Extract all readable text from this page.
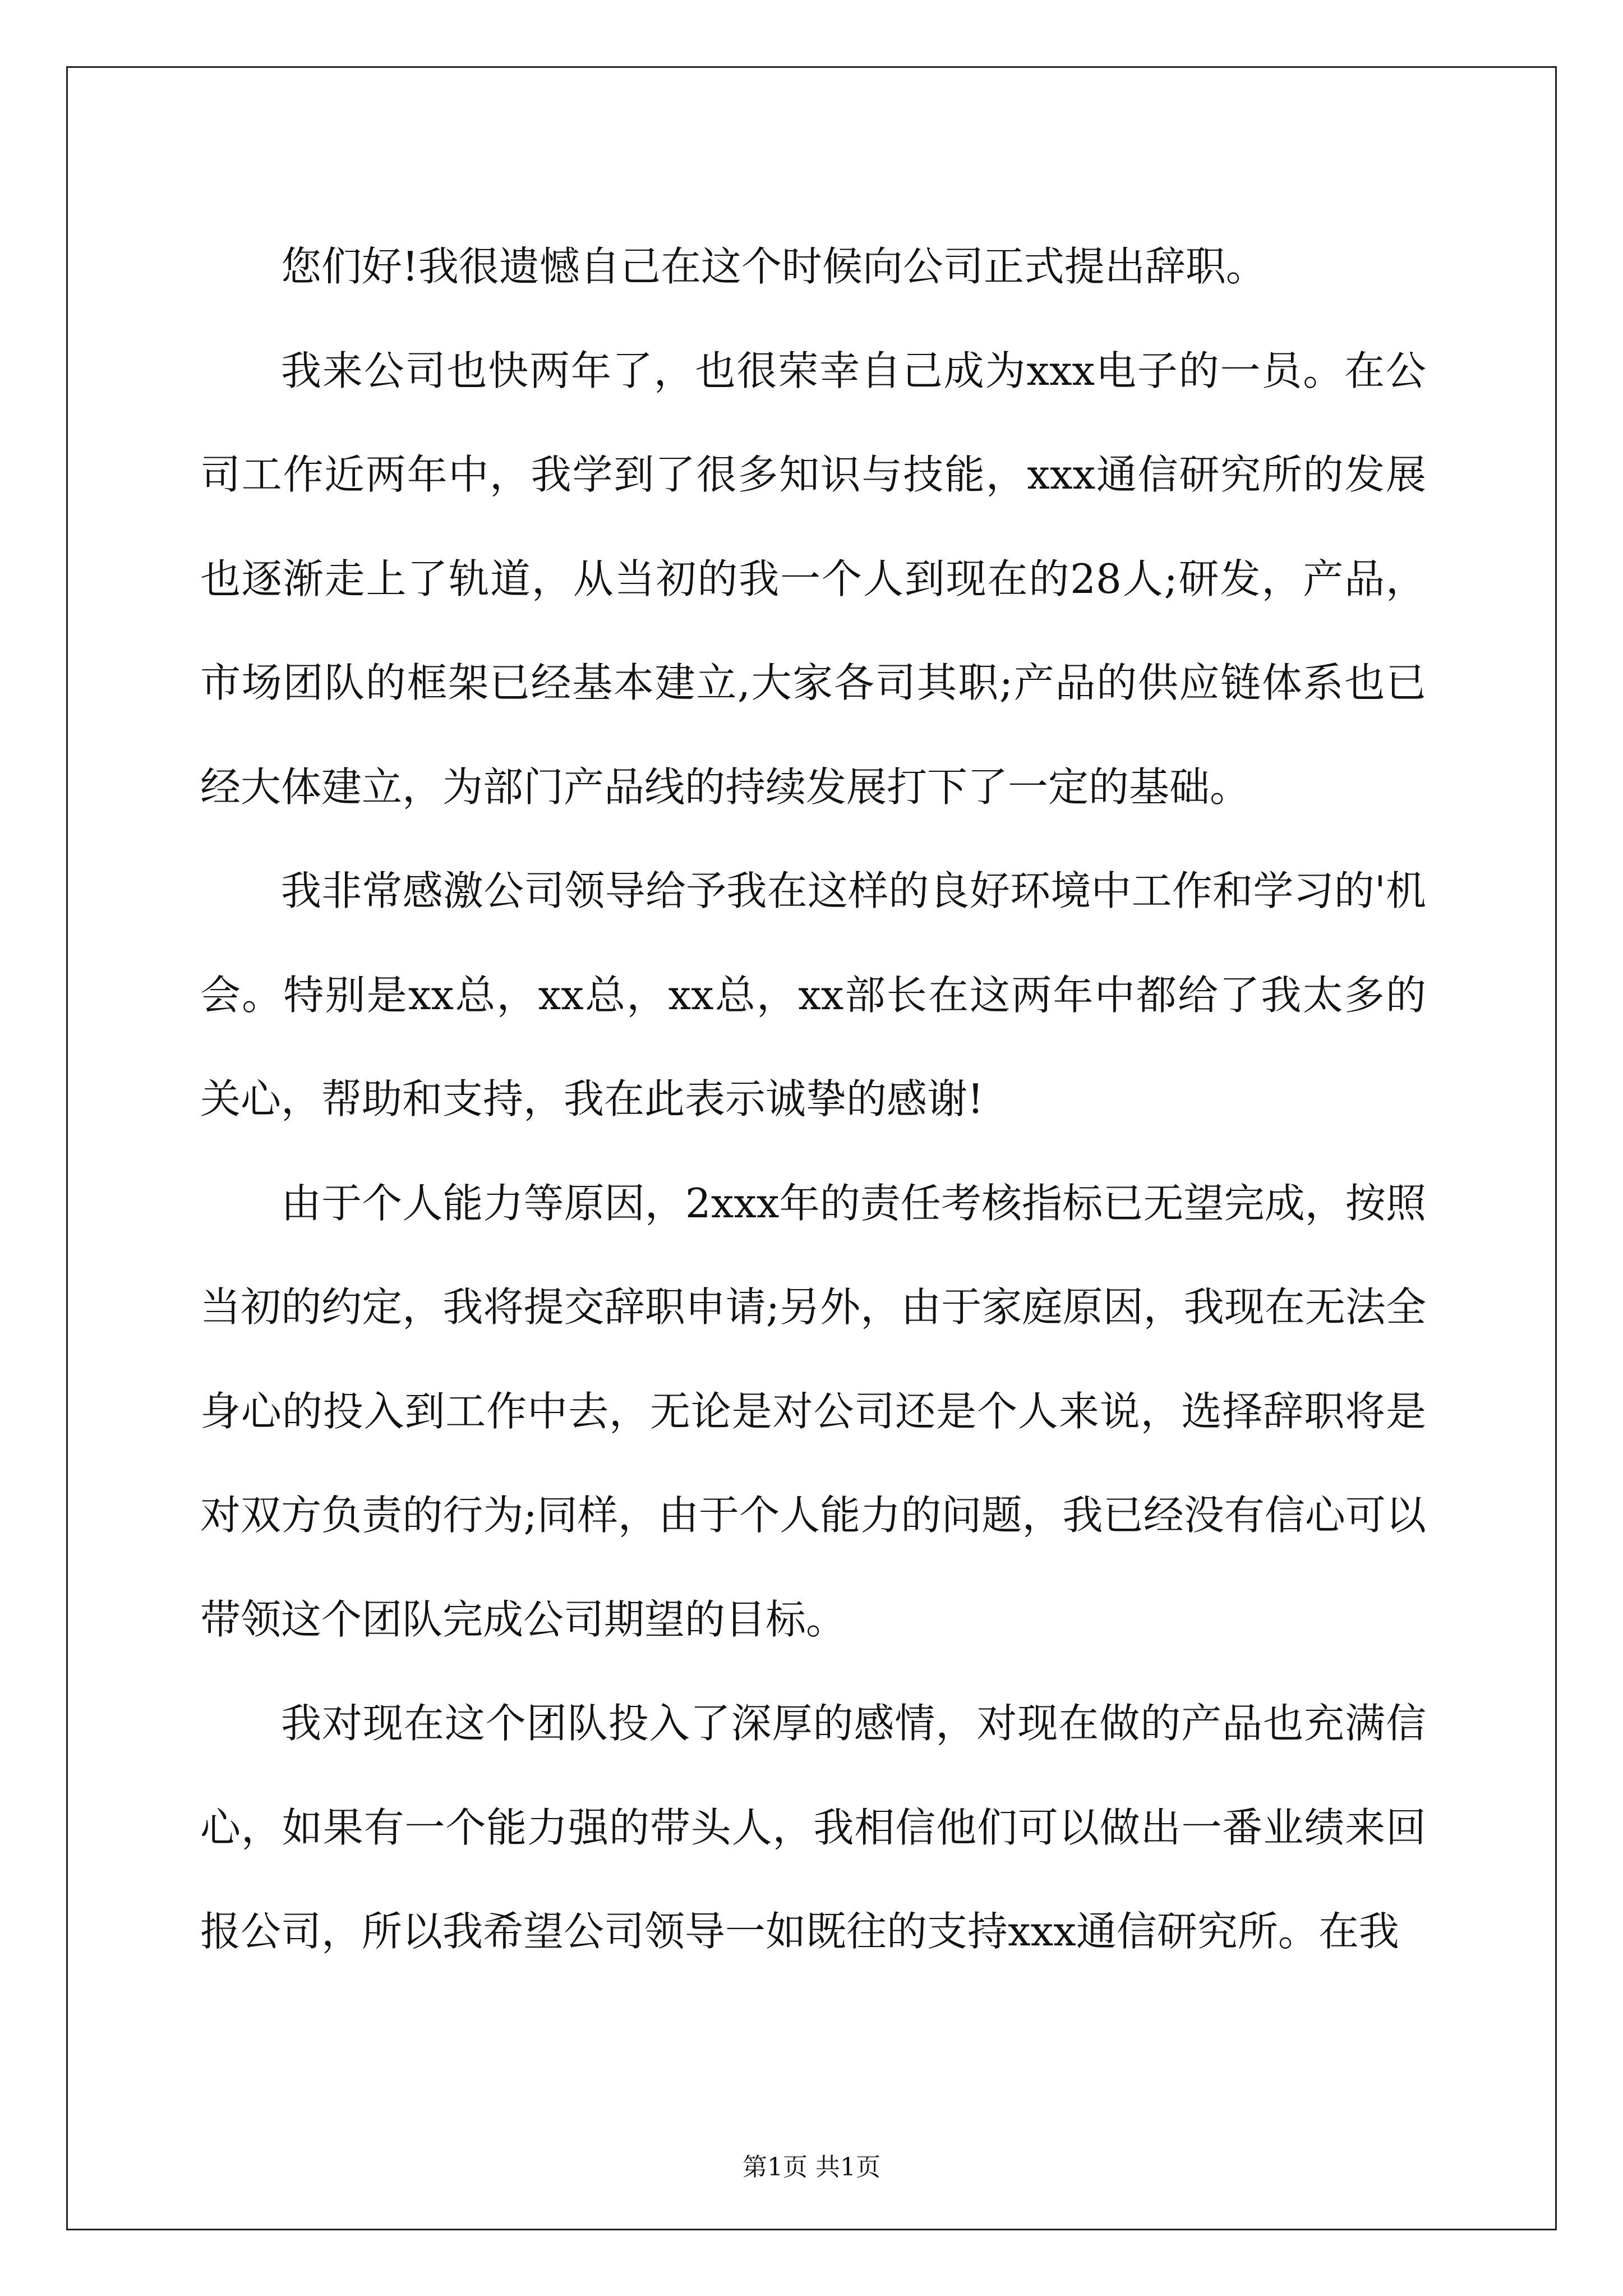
您们好!我很遗憾自己在这个时候向公司正式提出辞职。

我来公司也快两年了，也很荣幸自己成为xxx电子的一员。在公司工作近两年中，我学到了很多知识与技能，xxx通信研究所的发展也逐渐走上了轨道，从当初的我一个人到现在的28人;研发，产品，市场团队的框架已经基本建立,大家各司其职;产品的供应链体系也已经大体建立，为部门产品线的持续发展打下了一定的基础。

我非常感激公司领导给予我在这样的良好环境中工作和学习的'机会。特别是xx总，xx总，xx总，xx部长在这两年中都给了我太多的关心，帮助和支持，我在此表示诚挚的感谢!

由于个人能力等原因，2xxx年的责任考核指标已无望完成，按照当初的约定，我将提交辞职申请;另外，由于家庭原因，我现在无法全身心的投入到工作中去，无论是对公司还是个人来说，选择辞职将是对双方负责的行为;同样，由于个人能力的问题，我已经没有信心可以带领这个团队完成公司期望的目标。

我对现在这个团队投入了深厚的感情，对现在做的产品也充满信心，如果有一个能力强的带头人，我相信他们可以做出一番业绩来回报公司，所以我希望公司领导一如既往的支持xxx通信研究所。在我

第1页 共1页
